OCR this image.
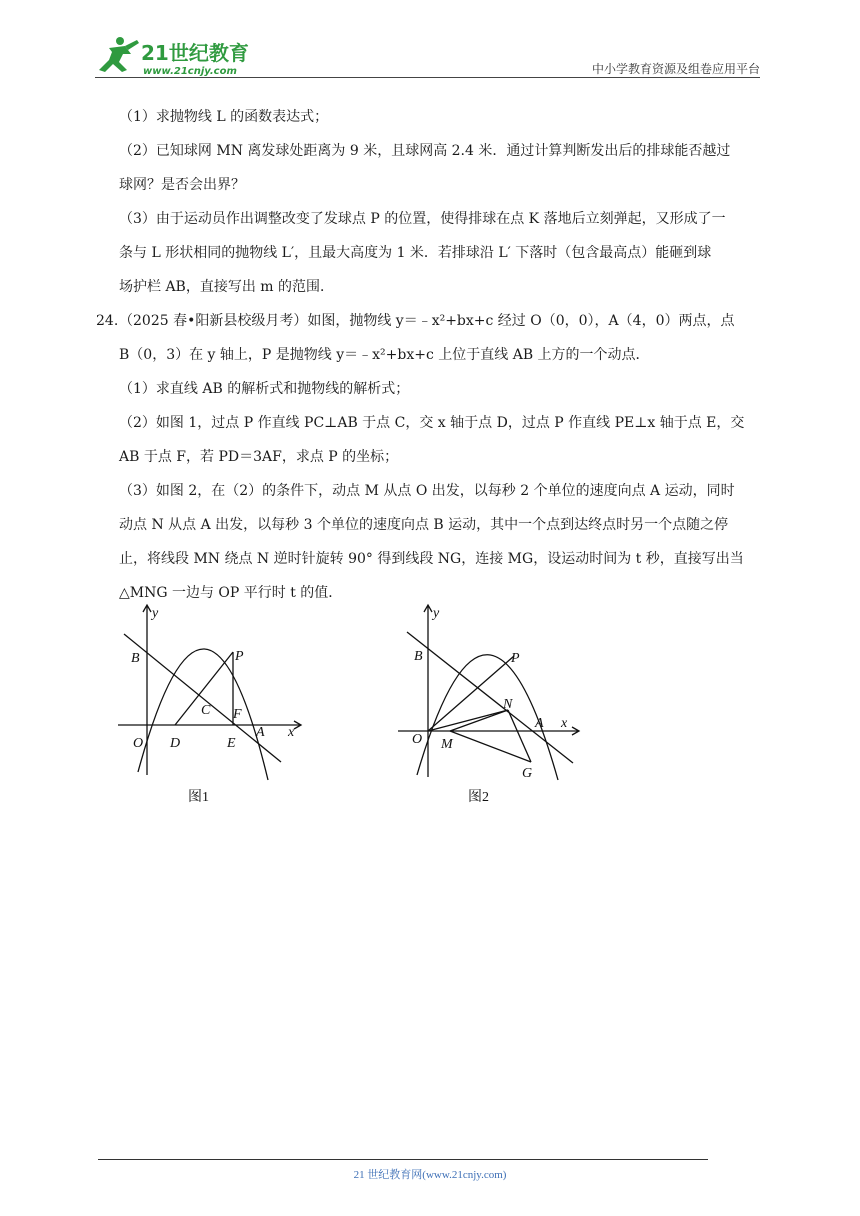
21世纪教育
www.21cnjy.com	中小学教育资源及组卷应用平台

（1）求抛物线 L 的函数表达式；

（2）已知球网 MN 离发球处距离为 9 米，且球网高 2.4 米．通过计算判断发出后的排球能否越过

球网？是否会出界？

（3）由于运动员作出调整改变了发球点 P 的位置，使得排球在点 K 落地后立刻弹起，又形成了一

条与 L 形状相同的抛物线 L′，且最大高度为 1 米．若排球沿 L′ 下落时（包含最高点）能砸到球

场护栏 AB，直接写出 m 的范围．

24.（2025 春•阳新县校级月考）如图，抛物线 y＝﹣x²+bx+c 经过 O（0，0），A（4，0）两点，点

B（0，3）在 y 轴上，P 是抛物线 y＝﹣x²+bx+c 上位于直线 AB 上方的一个动点．

（1）求直线 AB 的解析式和抛物线的解析式；

（2）如图 1，过点 P 作直线 PC⊥AB 于点 C，交 x 轴于点 D，过点 P 作直线 PE⊥x 轴于点 E，交

AB 于点 F，若 PD＝3AF，求点 P 的坐标；

（3）如图 2，在（2）的条件下，动点 M 从点 O 出发，以每秒 2 个单位的速度向点 A 运动，同时

动点 N 从点 A 出发，以每秒 3 个单位的速度向点 B 运动，其中一个点到达终点时另一个点随之停

止，将线段 MN 绕点 N 逆时针旋转 90° 得到线段 NG，连接 MG，设运动时间为 t 秒，直接写出当

△MNG 一边与 OP 平行时 t 的值．

y
B	P
C F
A x
O D	E
图1
y
B	P
N
A x
O M
G
图2
21 世纪教育网(www.21cnjy.com)
